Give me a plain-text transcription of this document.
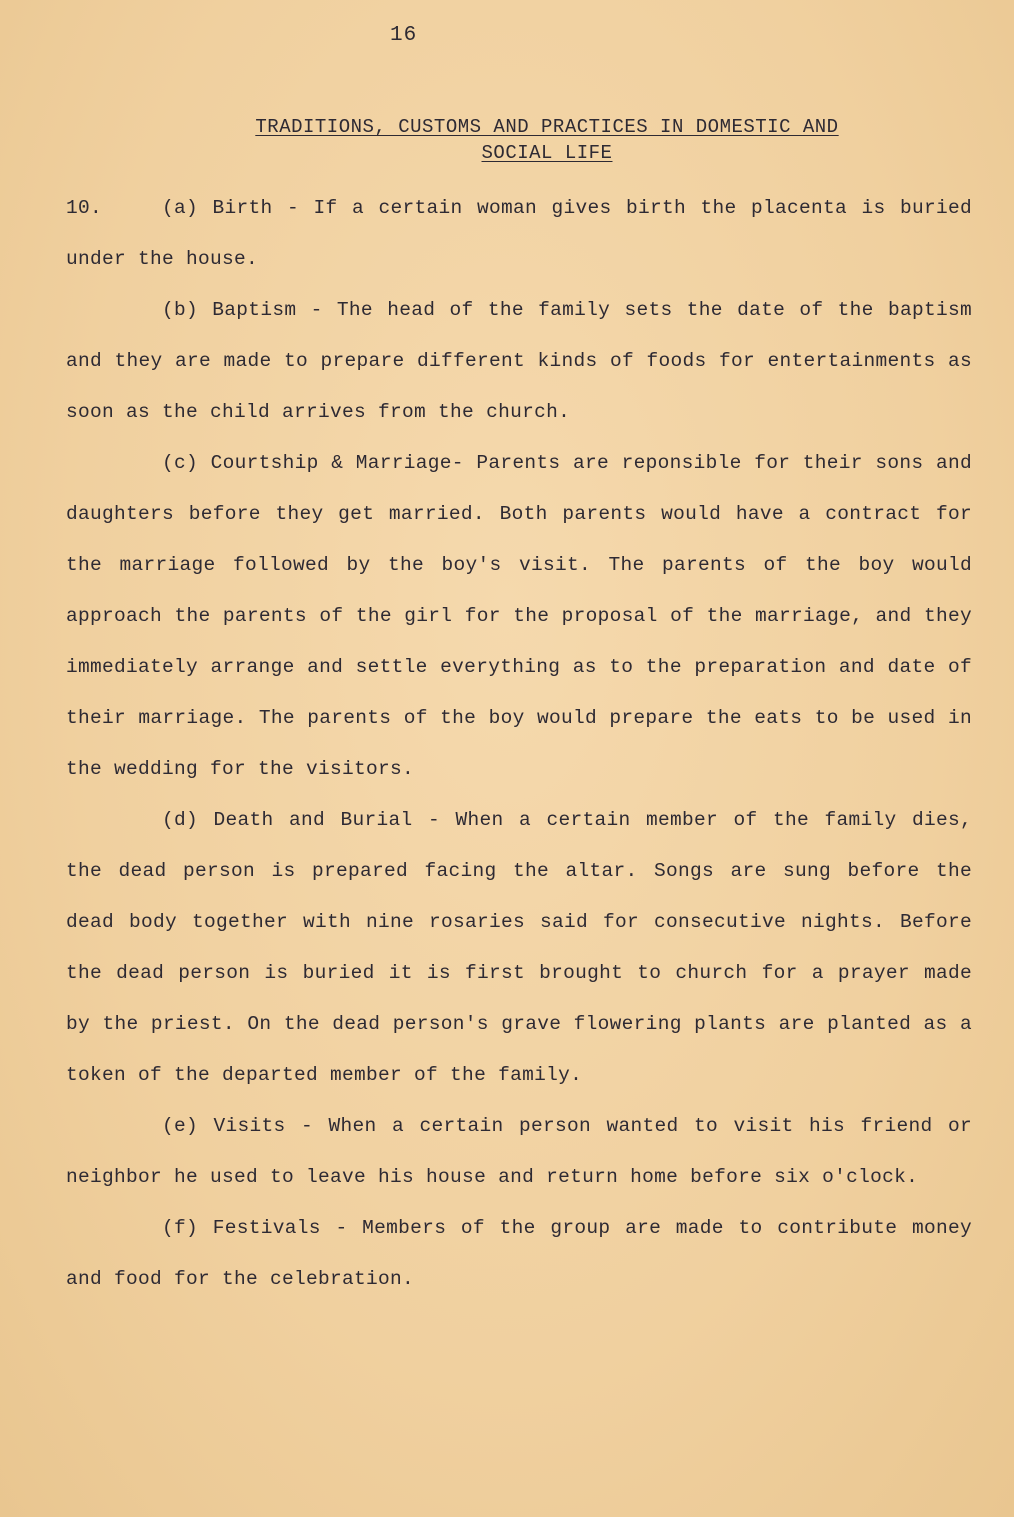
16
TRADITIONS, CUSTOMS AND PRACTICES IN DOMESTIC AND
SOCIAL LIFE

10.	(a) Birth - If a certain woman gives birth the placenta is buried under the house.

(b) Baptism - The head of the family sets the date of the baptism and they are made to prepare different kinds of foods for entertainments as soon as the child arrives from the church.

(c) Courtship & Marriage- Parents are reponsible for their sons and daughters before they get married. Both parents would have a contract for the marriage followed by the boy's visit. The parents of the boy would approach the parents of the girl for the proposal of the marriage, and they immediately arrange and settle everything as to the preparation and date of their marriage. The parents of the boy would prepare the eats to be used in the wedding for the visitors.

(d) Death and Burial - When a certain member of the family dies, the dead person is prepared facing the altar. Songs are sung before the dead body together with nine rosaries said for consecutive nights. Before the dead person is buried it is first brought to church for a prayer made by the priest. On the dead person's grave flowering plants are planted as a token of the departed member of the family.

(e) Visits - When a certain person wanted to visit his friend or neighbor he used to leave his house and return home before six o'clock.

(f) Festivals - Members of the group are made to contribute money and food for the celebration.
